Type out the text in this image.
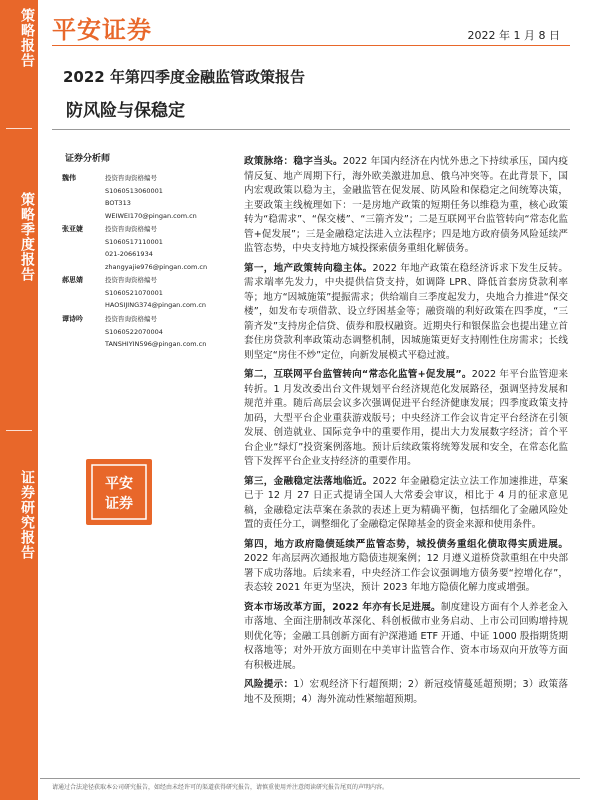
策略报告
策略季度报告
证券研究报告
平安证券	2022 年 1 月 8 日
2022 年第四季度金融监管政策报告
防风险与保稳定
证券分析师
魏伟	投资咨询资格编号
S1060513060001
BOT313
WEIWEI170@pingan.com.cn
张亚婕	投资咨询资格编号
S1060517110001
021-20661934
zhangyajie976@pingan.com.cn
郝思婧	投资咨询资格编号
S1060521070001
HAOSIJING374@pingan.com.cn
谭诗吟	投资咨询资格编号
S1060522070004
TANSHIYIN596@pingan.com.cn
平安
证券

政策脉络：稳字当头。2022 年国内经济在内忧外患之下持续承压，国内疫情反复、地产周期下行，海外欧美激进加息、俄乌冲突等。在此背景下，国内宏观政策以稳为主，金融监管在促发展、防风险和保稳定之间统筹决策，主要政策主线梳理如下：一是房地产政策的短期任务以维稳为重，核心政策转为“稳需求”、“保交楼”、“三箭齐发”；二是互联网平台监管转向“常态化监管+促发展”；三是金融稳定法进入立法程序；四是地方政府债务风险延续严监管态势，中央支持地方城投探索债务重组化解债务。

第一，地产政策转向稳主体。2022 年地产政策在稳经济诉求下发生反转。需求端率先发力，中央提供信贷支持，如调降 LPR、降低首套房贷款利率等；地方“因城施策”提振需求；供给端自三季度起发力，央地合力推进“保交楼”，如发布专项借款、设立纾困基金等；融资端的利好政策在四季度，“三箭齐发”支持房企信贷、债券和股权融资。近期央行和银保监会也提出建立首套住房贷款利率政策动态调整机制，因城施策更好支持刚性住房需求；长线则坚定“房住不炒”定位，向新发展模式平稳过渡。

第二，互联网平台监管转向“常态化监管+促发展”。2022 年平台监管迎来转折。1 月发改委出台文件规划平台经济规范化发展路径，强调坚持发展和规范并重。随后高层会议多次强调促进平台经济健康发展；四季度政策支持加码，大型平台企业重获游戏版号；中央经济工作会议肯定平台经济在引领发展、创造就业、国际竞争中的重要作用，提出大力发展数字经济；首个平台企业“绿灯”投资案例落地。预计后续政策将统筹发展和安全，在常态化监管下发挥平台企业支持经济的重要作用。

第三，金融稳定法落地临近。2022 年金融稳定法立法工作加速推进，草案已于 12 月 27 日正式提请全国人大常委会审议，相比于 4 月的征求意见稿，金融稳定法草案在条款的表述上更为精确平衡，包括细化了金融风险处置的责任分工，调整细化了金融稳定保障基金的资金来源和使用条件。

第四，地方政府隐债延续严监管态势，城投债务重组化债取得实质进展。2022 年高层两次通报地方隐债违规案例；12 月遵义道桥贷款重组在中央部署下成功落地。后续来看，中央经济工作会议强调地方债务要“控增化存”，表态较 2021 年更为坚决，预计 2023 年地方隐债化解力度或增强。

资本市场改革方面，2022 年亦有长足进展。制度建设方面有个人养老金入市落地、全面注册制改革深化、科创板做市业务启动、上市公司回购增持规则优化等；金融工具创新方面有沪深港通 ETF 开通、中证 1000 股指期货期权落地等；对外开放方面则在中美审计监管合作、资本市场双向开放等方面有积极进展。

风险提示：1）宏观经济下行超预期；2）新冠疫情蔓延超预期；3）政策落地不及预期；4）海外流动性紧缩超预期。

请通过合法途径获取本公司研究报告，如经由未经许可的渠道获得研究报告，请慎重使用并注意阅读研究报告尾页的声明内容。
